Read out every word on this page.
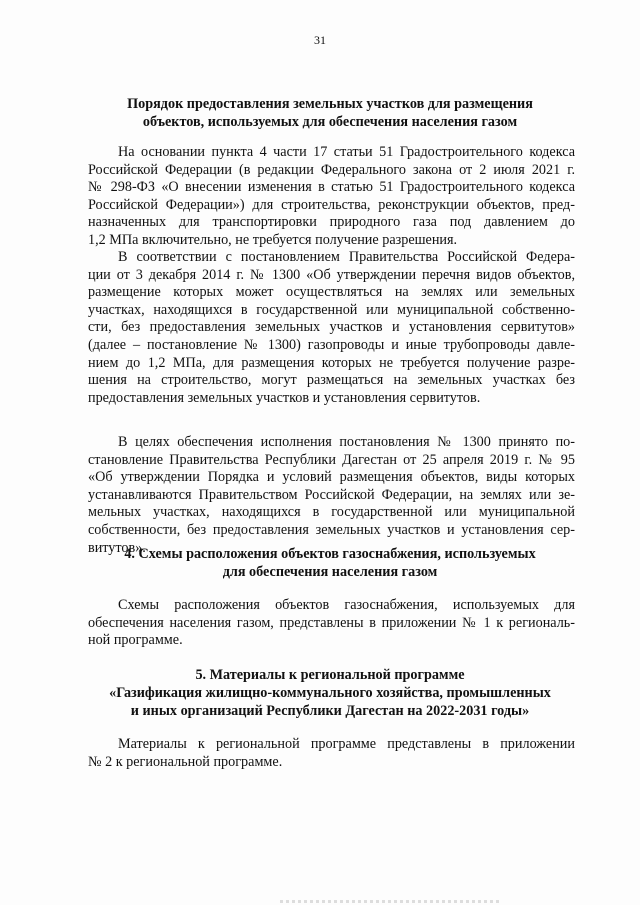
31
Порядок предоставления земельных участков для размещения
объектов, используемых для обеспечения населения газом
На основании пункта 4 части 17 статьи 51 Градостроительного кодекса
Российской Федерации (в редакции Федерального закона от 2 июля 2021 г.
№ 298-ФЗ «О внесении изменения в статью 51 Градостроительного кодекса
Российской Федерации») для строительства, реконструкции объектов, пред-
назначенных для транспортировки природного газа под давлением до
1,2 МПа включительно, не требуется получение разрешения.
В соответствии с постановлением Правительства Российской Федера-
ции от 3 декабря 2014 г. № 1300 «Об утверждении перечня видов объектов,
размещение которых может осуществляться на землях или земельных
участках, находящихся в государственной или муниципальной собственно-
сти, без предоставления земельных участков и установления сервитутов»
(далее – постановление № 1300) газопроводы и иные трубопроводы давле-
нием до 1,2 МПа, для размещения которых не требуется получение разре-
шения на строительство, могут размещаться на земельных участках без
предоставления земельных участков и установления сервитутов.
В целях обеспечения исполнения постановления № 1300 принято по-
становление Правительства Республики Дагестан от 25 апреля 2019 г. № 95
«Об утверждении Порядка и условий размещения объектов, виды которых
устанавливаются Правительством Российской Федерации, на землях или зе-
мельных участках, находящихся в государственной или муниципальной
собственности, без предоставления земельных участков и установления сер-
витутов».
4. Схемы расположения объектов газоснабжения, используемых
для обеспечения населения газом
Схемы расположения объектов газоснабжения, используемых для
обеспечения населения газом, представлены в приложении № 1 к региональ-
ной программе.
5. Материалы к региональной программе
«Газификация жилищно-коммунального хозяйства, промышленных
и иных организаций Республики Дагестан на 2022-2031 годы»
Материалы к региональной программе представлены в приложении
№ 2 к региональной программе.
